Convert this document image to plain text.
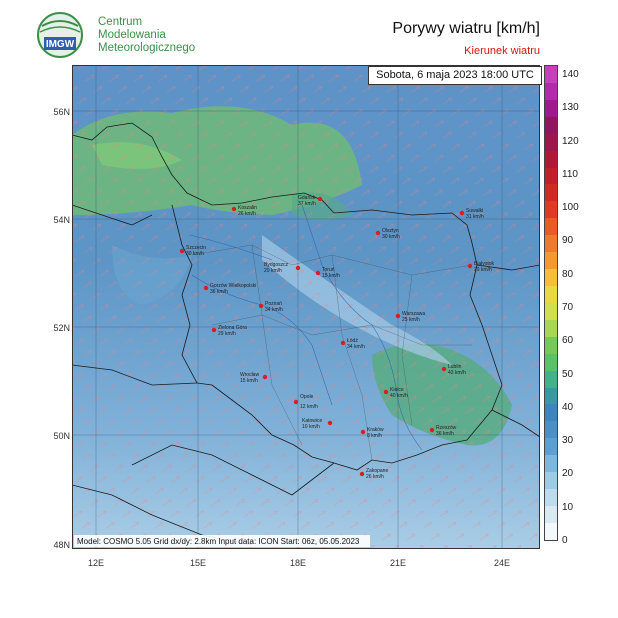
IMGW
Centrum
Modelowania
Meteorologicznego
Porywy wiatru [km/h]
Kierunek wiatru
Koszalin
26 km/h
Gdańsk
37 km/h
Suwałki
31 km/h
Szczecin
30 km/h
Olsztyn
30 km/h
Bydgoszcz
20 km/h	Toruń
15 km/h
Białystok
29 km/h
Gorzów Wielkopolski
36 km/h
Poznań
34 km/h
Warszawa
25 km/h
Zielona Góra
29 km/h
Łódź
34 km/h
Lublin
43 km/h
Wrocław
15 km/h
Opole
12 km/h
Kielce
40 km/h
Katowice
10 km/h	Kraków
8 km/h
Rzeszów
36 km/h
Zakopane
26 km/h
Model: COSMO 5.05 Grid dx/dy: 2.8km Input data: ICON Start: 06z, 05.05.2023
Sobota, 6 maja 2023 18:00 UTC
56N
54N
52N
50N
48N
12E	15E	18E	21E	24E
140
130
120
110
100
90
80
70
60
50
40
30
20
10
0
